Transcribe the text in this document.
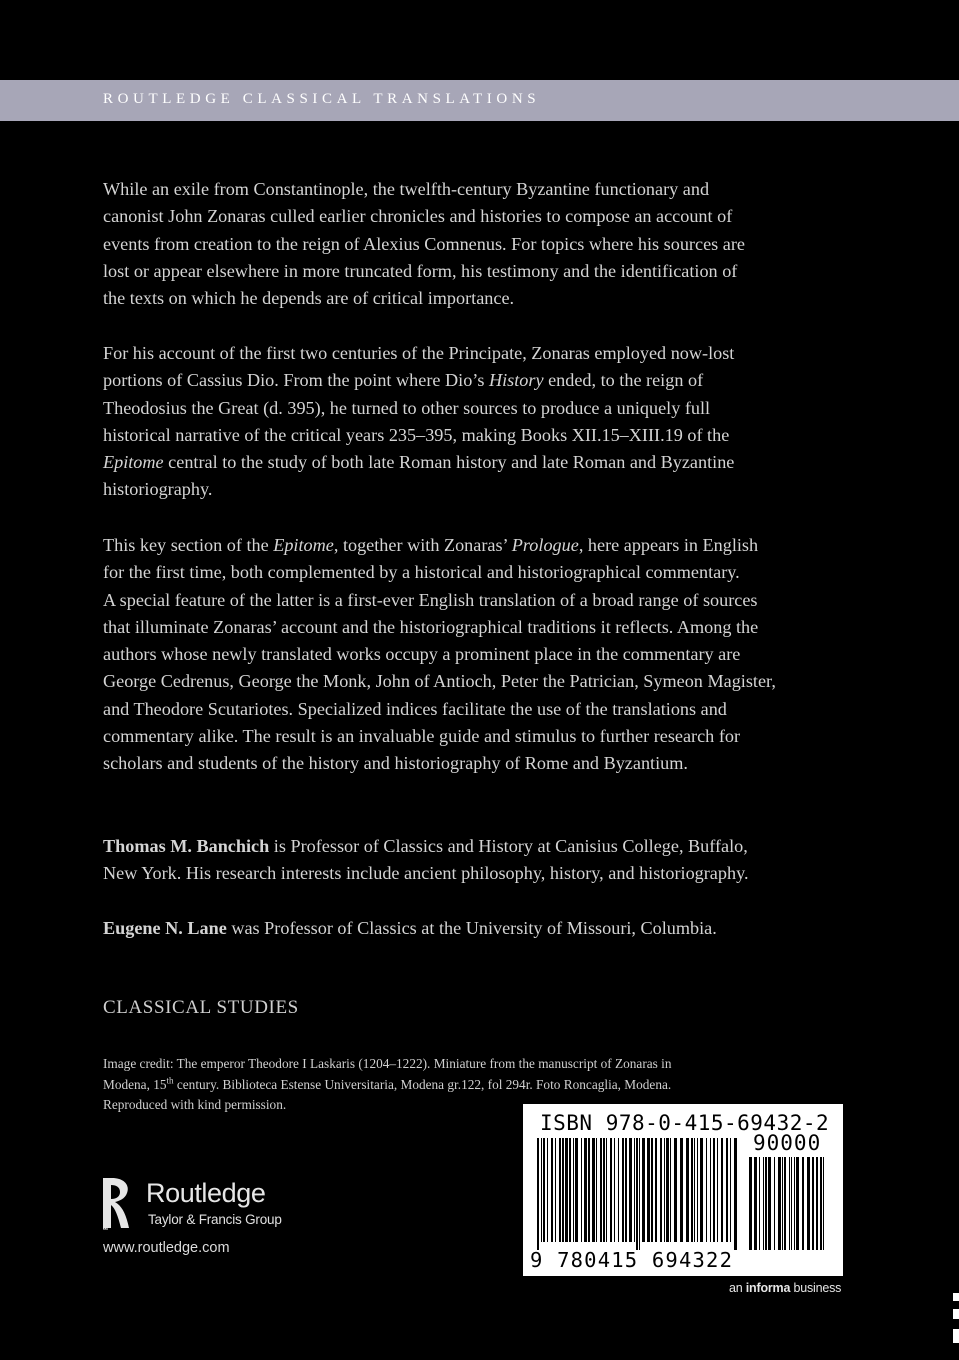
ROUTLEDGE CLASSICAL TRANSLATIONS
While an exile from Constantinople, the twelfth-century Byzantine functionary and
canonist John Zonaras culled earlier chronicles and histories to compose an account of
events from creation to the reign of Alexius Comnenus. For topics where his sources are
lost or appear elsewhere in more truncated form, his testimony and the identification of
the texts on which he depends are of critical importance.
For his account of the first two centuries of the Principate, Zonaras employed now-lost
portions of Cassius Dio. From the point where Dio’s History ended, to the reign of
Theodosius the Great (d. 395), he turned to other sources to produce a uniquely full
historical narrative of the critical years 235–395, making Books XII.15–XIII.19 of the
Epitome central to the study of both late Roman history and late Roman and Byzantine
historiography.
This key section of the Epitome, together with Zonaras’ Prologue, here appears in English
for the first time, both complemented by a historical and historiographical commentary.
A special feature of the latter is a first-ever English translation of a broad range of sources
that illuminate Zonaras’ account and the historiographical traditions it reflects. Among the
authors whose newly translated works occupy a prominent place in the commentary are
George Cedrenus, George the Monk, John of Antioch, Peter the Patrician, Symeon Magister,
and Theodore Scutariotes. Specialized indices facilitate the use of the translations and
commentary alike. The result is an invaluable guide and stimulus to further research for
scholars and students of the history and historiography of Rome and Byzantium.
Thomas M. Banchich is Professor of Classics and History at Canisius College, Buffalo,
New York. His research interests include ancient philosophy, history, and historiography.
Eugene N. Lane was Professor of Classics at the University of Missouri, Columbia.
CLASSICAL STUDIES
Image credit: The emperor Theodore I Laskaris (1204–1222). Miniature from the manuscript of Zonaras in
Modena, 15th century. Biblioteca Estense Universitaria, Modena gr.122, fol 294r. Foto Roncaglia, Modena.
Reproduced with kind permission.
ROUTLEDGE Routledge
Taylor & Francis Group
www.routledge.com
ISBN 978-0-415-69432-2
90000
9 780415 694322
an informa business
